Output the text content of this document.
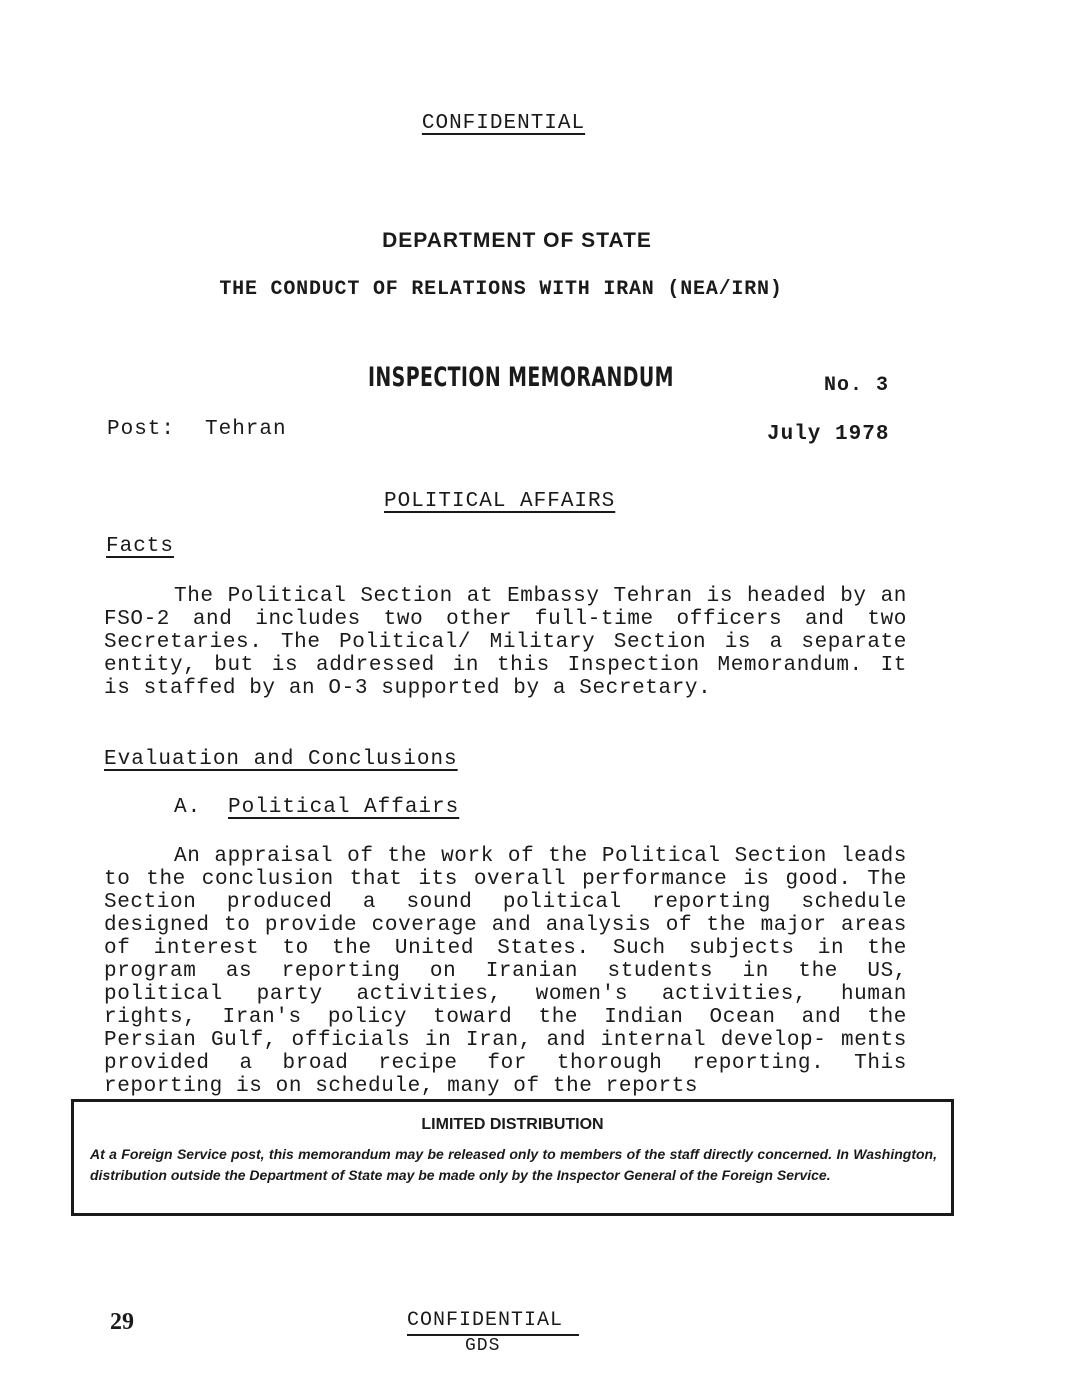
CONFIDENTIAL
DEPARTMENT OF STATE
THE CONDUCT OF RELATIONS WITH IRAN (NEA/IRN)
INSPECTION MEMORANDUM	No. 3
Post: Tehran	July 1978
POLITICAL AFFAIRS
Facts

The Political Section at Embassy Tehran is headed by an FSO-2 and includes two other full-time officers and two Secretaries. The Political/ Military Section is a separate entity, but is addressed in this Inspection Memorandum. It is staffed by an O-3 supported by a Secretary.

Evaluation and Conclusions
A. Political Affairs

An appraisal of the work of the Political Section leads to the conclusion that its overall performance is good. The Section produced a sound political reporting schedule designed to provide coverage and analysis of the major areas of interest to the United States. Such subjects in the program as reporting on Iranian students in the US, political party activities, women's activities, human rights, Iran's policy toward the Indian Ocean and the Persian Gulf, officials in Iran, and internal develop- ments provided a broad recipe for thorough reporting. This reporting is on schedule, many of the reports

LIMITED DISTRIBUTION
At a Foreign Service post, this memorandum may be released only to members of the staff directly concerned. In Washington, distribution outside the Department of State may be made only by the Inspector General of the Foreign Service.
29	CONFIDENTIAL
GDS
